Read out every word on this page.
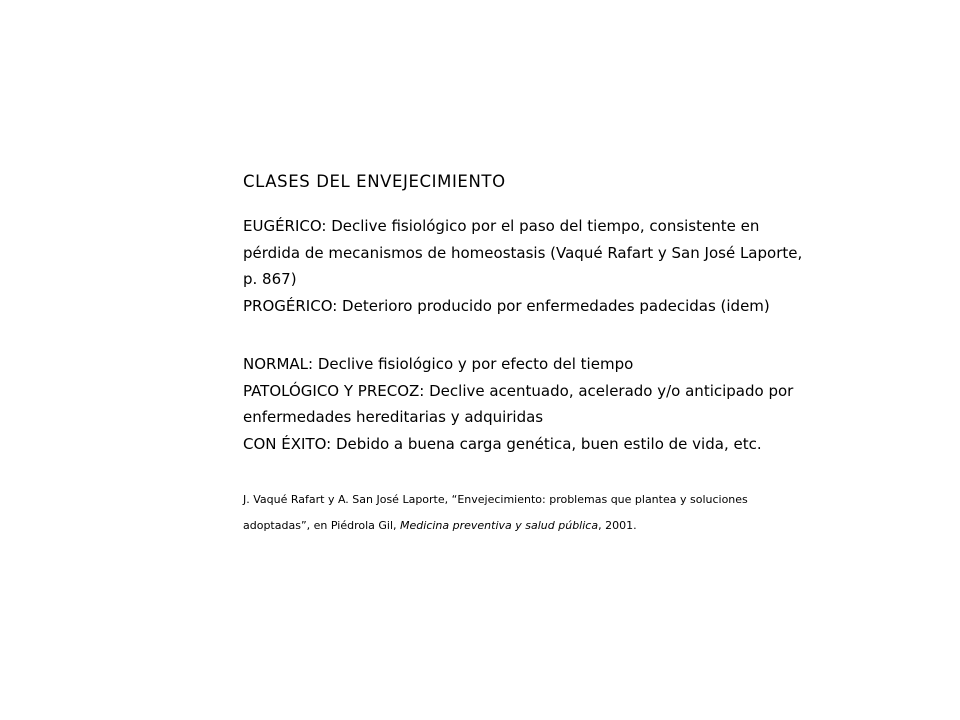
CLASES DEL ENVEJECIMIENTO

EUGÉRICO: Declive fisiológico por el paso del tiempo, consistente en pérdida de mecanismos de homeostasis (Vaqué Rafart y San José Laporte, p. 867)

PROGÉRICO: Deterioro producido por enfermedades padecidas (idem)

NORMAL: Declive fisiológico y por efecto del tiempo

PATOLÓGICO Y PRECOZ: Declive acentuado, acelerado y/o anticipado por enfermedades hereditarias y adquiridas

CON ÉXITO: Debido a buena carga genética, buen estilo de vida, etc.

J. Vaqué Rafart y A. San José Laporte, “Envejecimiento: problemas que plantea y soluciones adoptadas”, en Piédrola Gil, Medicina preventiva y salud pública, 2001.
